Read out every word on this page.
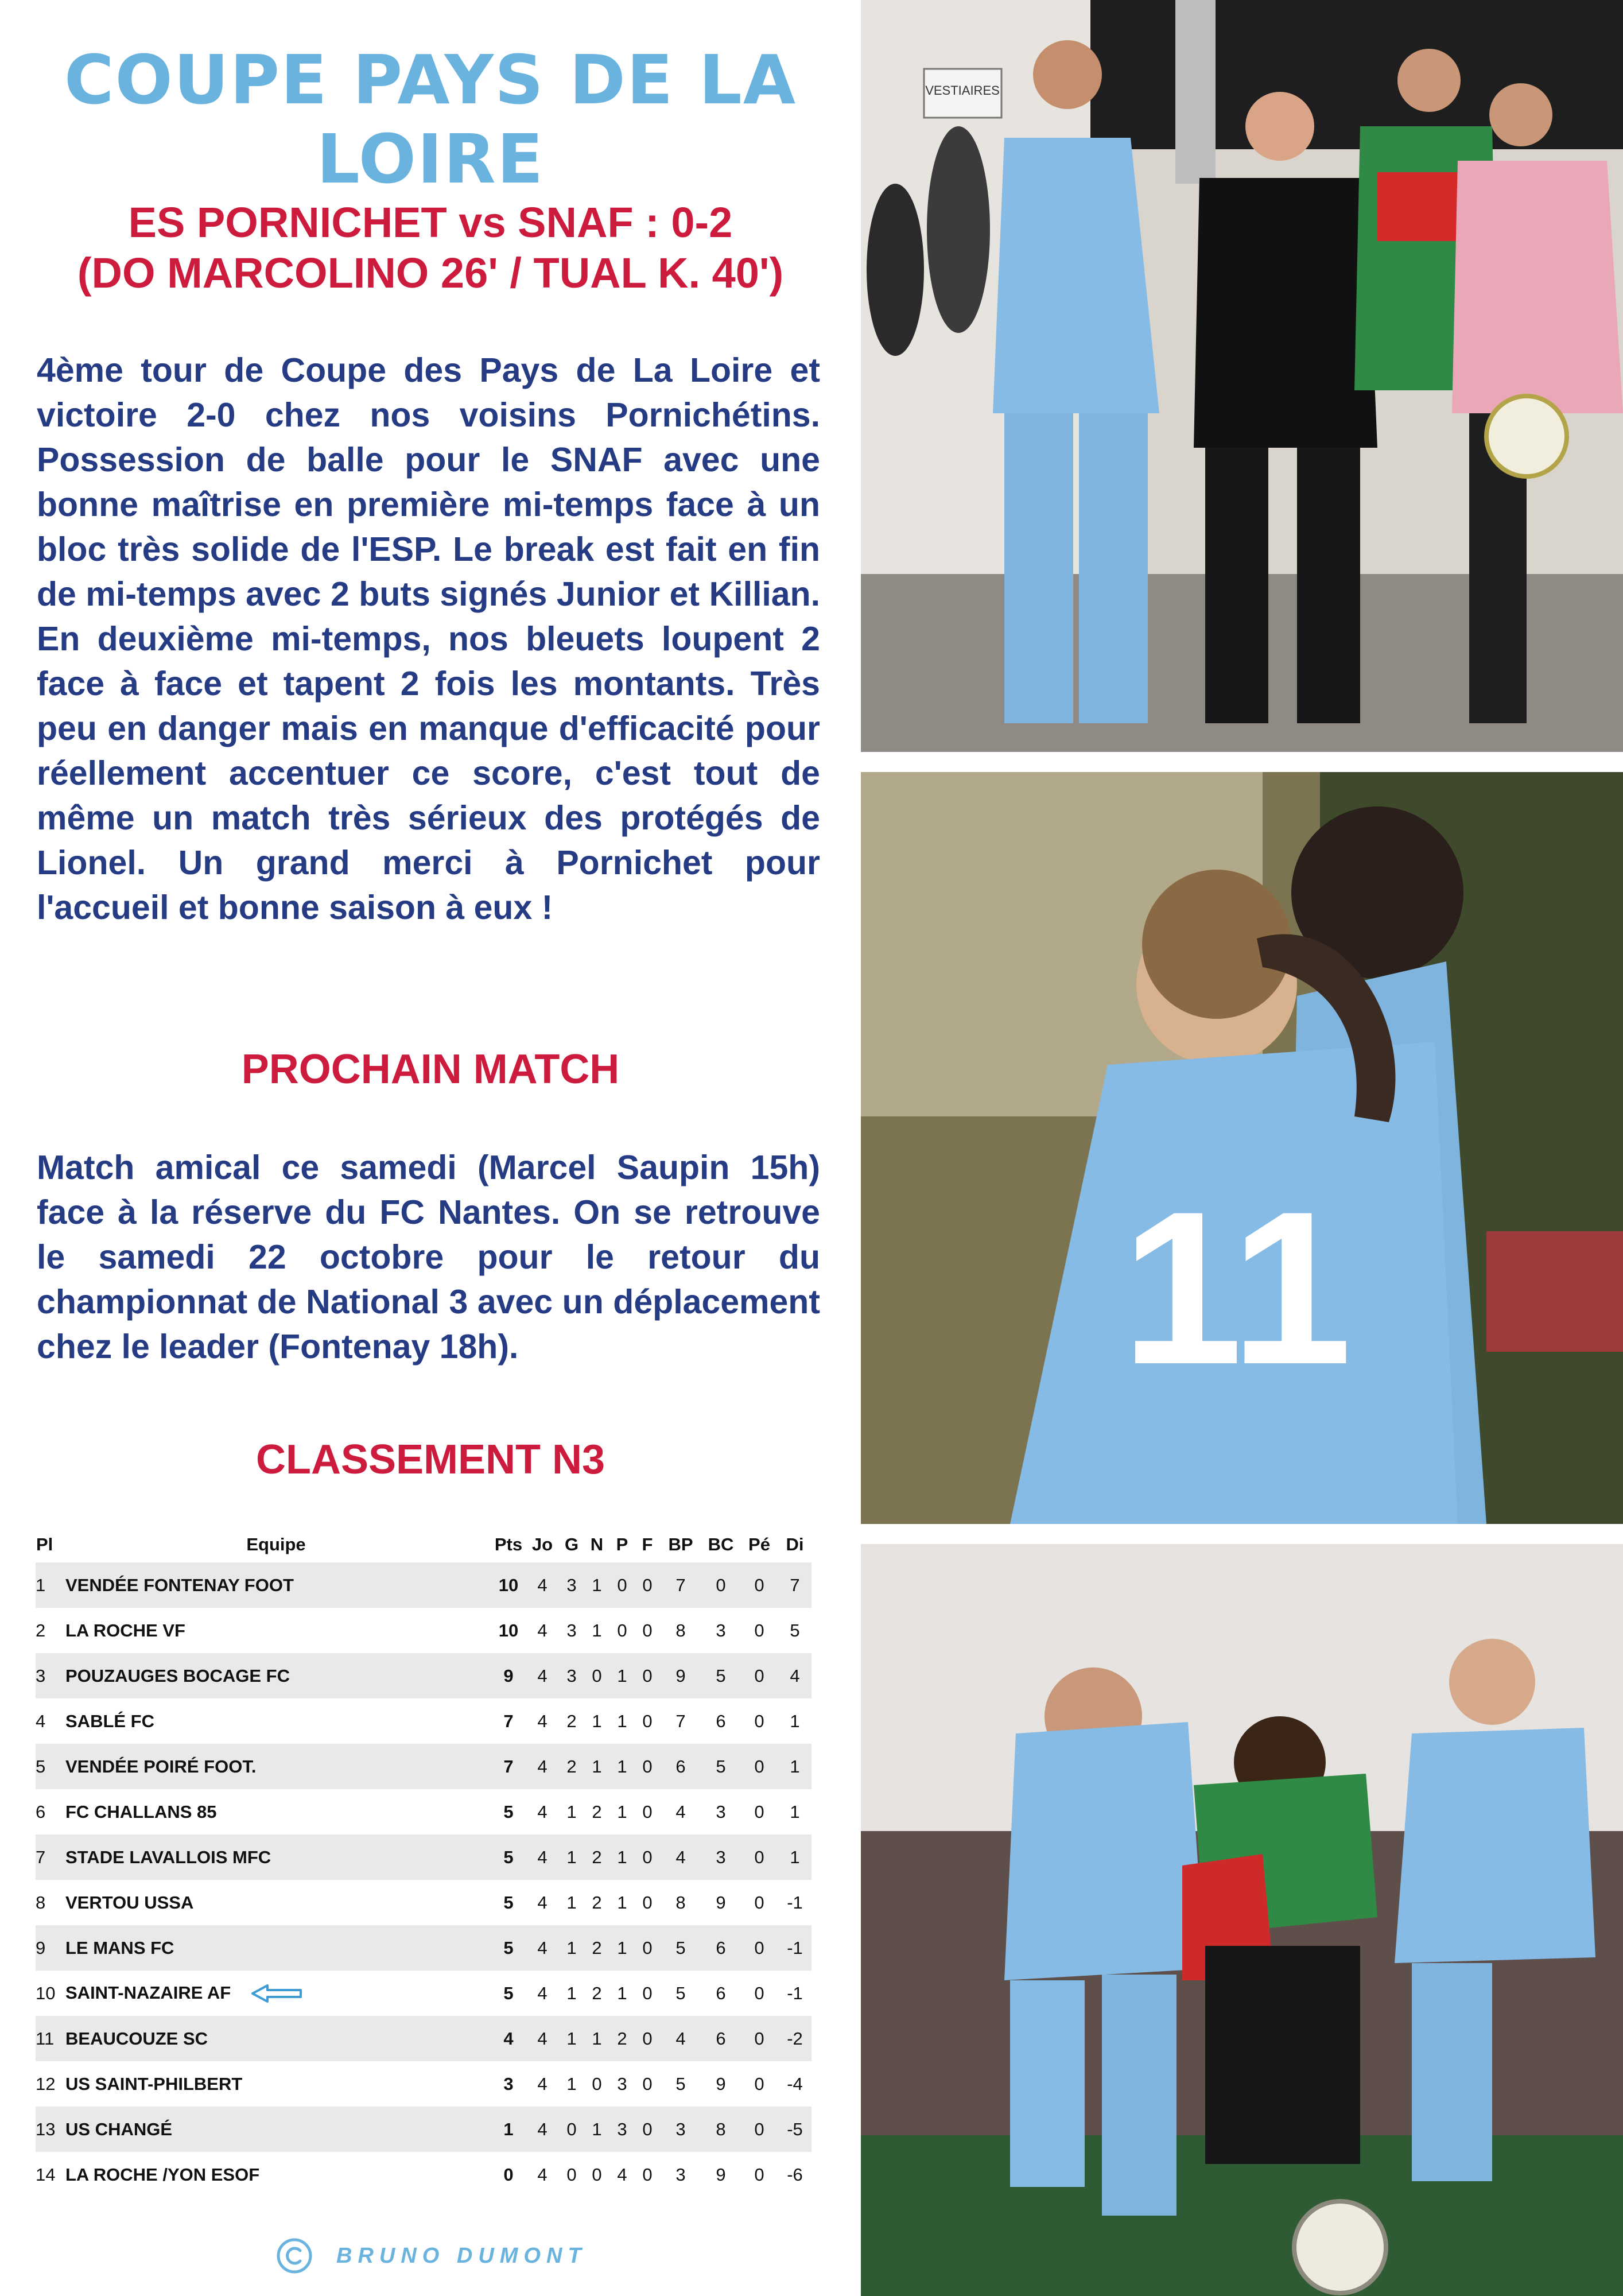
COUPE PAYS DE LA LOIRE
ES PORNICHET vs SNAF : 0-2
(DO MARCOLINO 26' / TUAL K. 40')
4ème tour de Coupe des Pays de La Loire et victoire 2-0 chez nos voisins Pornichétins. Possession de balle pour le SNAF avec une bonne maîtrise en première mi-temps face à un bloc très solide de l'ESP. Le break est fait en fin de mi-temps avec 2 buts signés Junior et Killian. En deuxième mi-temps, nos bleuets loupent 2 face à face et tapent 2 fois les montants. Très peu en danger mais en manque d'efficacité pour réellement accentuer ce score, c'est tout de même un match très sérieux des protégés de Lionel. Un grand merci à Pornichet pour l'accueil et bonne saison à eux !
PROCHAIN MATCH
Match amical ce samedi (Marcel Saupin 15h) face à la réserve du FC Nantes. On se retrouve le samedi 22 octobre pour le retour du championnat de National 3 avec un déplacement chez le leader (Fontenay 18h).
CLASSEMENT N3
Pl	Equipe	Pts	Jo	G	N	P	F	BP	BC	Pé	Di
1	VENDÉE FONTENAY FOOT	10	4	3	1	0	0	7	0	0	7
2	LA ROCHE VF	10	4	3	1	0	0	8	3	0	5
3	POUZAUGES BOCAGE FC	9	4	3	0	1	0	9	5	0	4
4	SABLÉ FC	7	4	2	1	1	0	7	6	0	1
5	VENDÉE POIRÉ FOOT.	7	4	2	1	1	0	6	5	0	1
6	FC CHALLANS 85	5	4	1	2	1	0	4	3	0	1
7	STADE LAVALLOIS MFC	5	4	1	2	1	0	4	3	0	1
8	VERTOU USSA	5	4	1	2	1	0	8	9	0	-1
9	LE MANS FC	5	4	1	2	1	0	5	6	0	-1
10	SAINT-NAZAIRE AF	5	4	1	2	1	0	5	6	0	-1
11	BEAUCOUZE SC	4	4	1	1	2	0	4	6	0	-2
12	US SAINT-PHILBERT	3	4	1	0	3	0	5	9	0	-4
13	US CHANGÉ	1	4	0	1	3	0	3	8	0	-5
14	LA ROCHE /YON ESOF	0	4	0	0	4	0	3	9	0	-6
BRUNO DUMONT
VESTIAIRES
11
